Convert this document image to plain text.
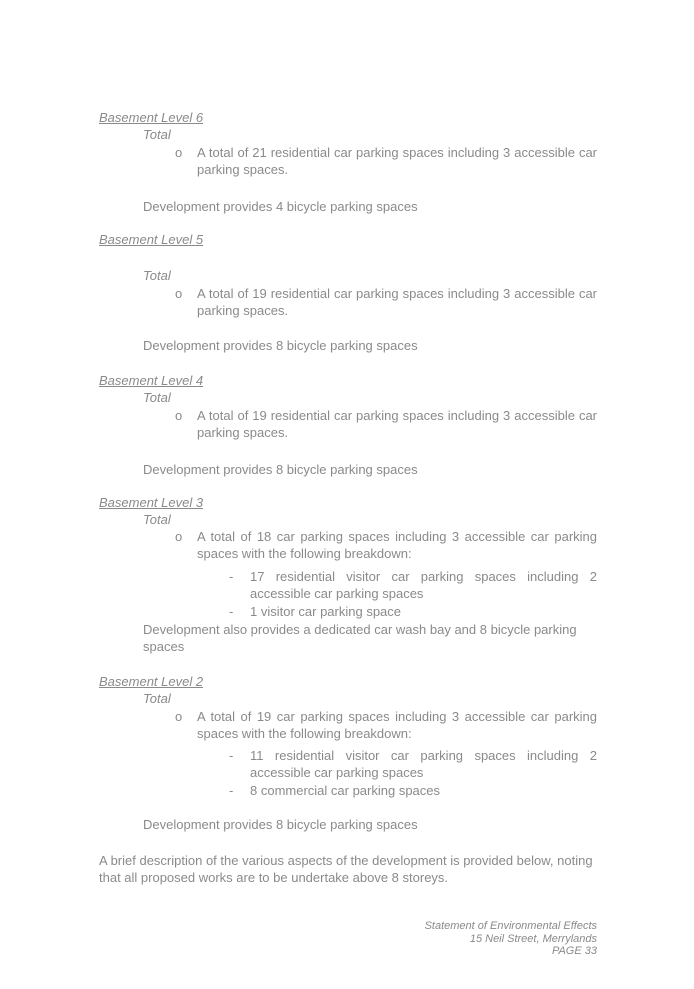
Basement Level 6
Total
o A total of 21 residential car parking spaces including 3 accessible car parking spaces.
Development provides 4 bicycle parking spaces
Basement Level 5
Total
o A total of 19 residential car parking spaces including 3 accessible car parking spaces.
Development provides 8 bicycle parking spaces
Basement Level 4
Total
o A total of 19 residential car parking spaces including 3 accessible car parking spaces.
Development provides 8 bicycle parking spaces
Basement Level 3
Total
o A total of 18 car parking spaces including 3 accessible car parking spaces with the following breakdown:
- 17 residential visitor car parking spaces including 2 accessible car parking spaces
- 1 visitor car parking space
Development also provides a dedicated car wash bay and 8 bicycle parking spaces
Basement Level 2
Total
o A total of 19 car parking spaces including 3 accessible car parking spaces with the following breakdown:
- 11 residential visitor car parking spaces including 2 accessible car parking spaces
- 8 commercial car parking spaces
Development provides 8 bicycle parking spaces
A brief description of the various aspects of the development is provided below, noting that all proposed works are to be undertake above 8 storeys.
Statement of Environmental Effects
15 Neil Street, Merrylands
PAGE 33
